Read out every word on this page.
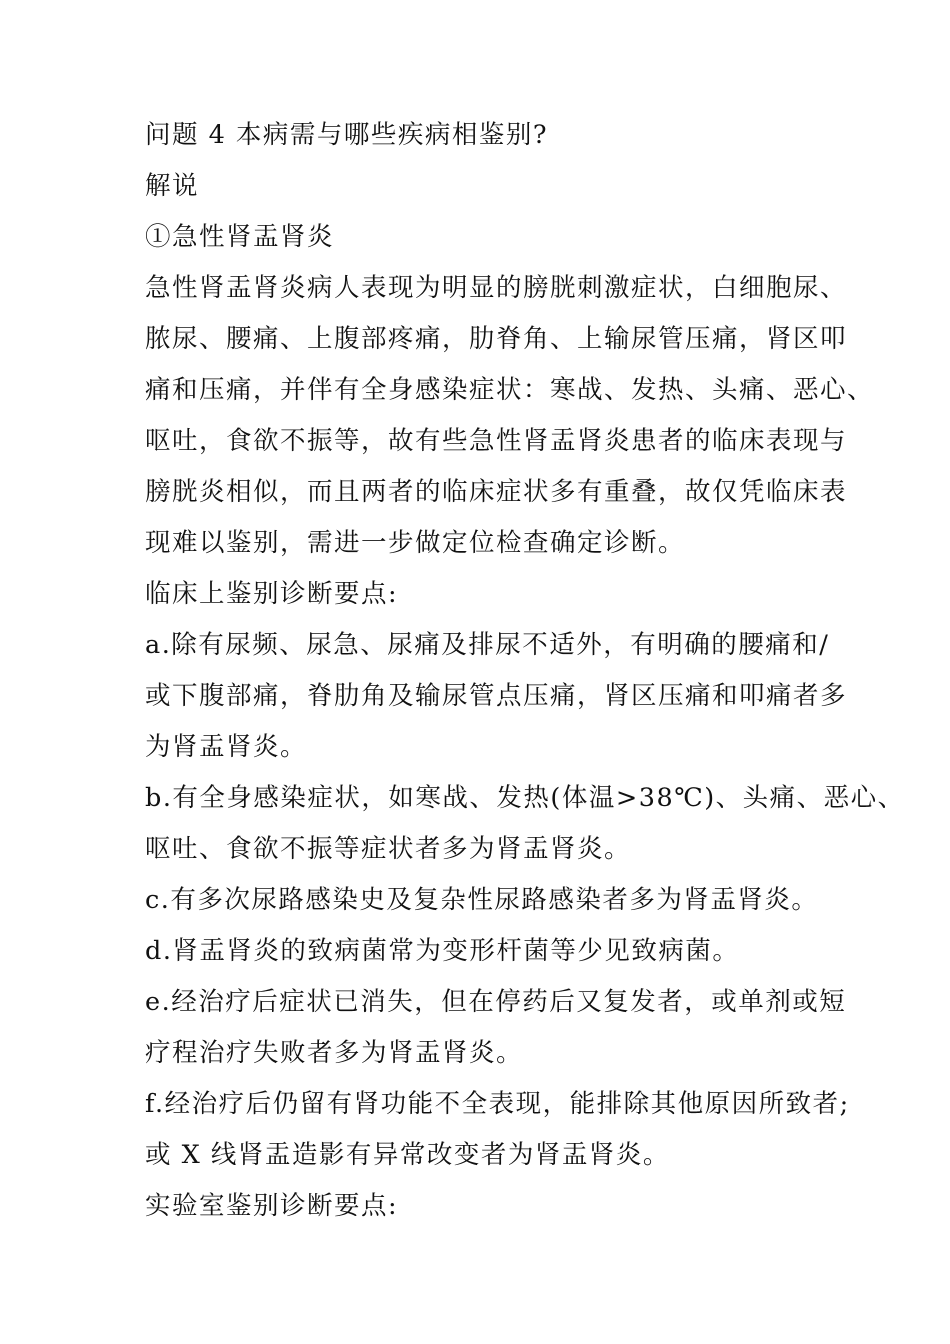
问题 4 本病需与哪些疾病相鉴别?
解说
①急性肾盂肾炎
急性肾盂肾炎病人表现为明显的膀胱刺激症状，白细胞尿、
脓尿、腰痛、上腹部疼痛，肋脊角、上输尿管压痛，肾区叩
痛和压痛，并伴有全身感染症状：寒战、发热、头痛、恶心、
呕吐，食欲不振等，故有些急性肾盂肾炎患者的临床表现与
膀胱炎相似，而且两者的临床症状多有重叠，故仅凭临床表
现难以鉴别，需进一步做定位检查确定诊断。
临床上鉴别诊断要点:
a.除有尿频、尿急、尿痛及排尿不适外，有明确的腰痛和/
或下腹部痛，脊肋角及输尿管点压痛，肾区压痛和叩痛者多
为肾盂肾炎。
b.有全身感染症状，如寒战、发热(体温>38℃)、头痛、恶心、
呕吐、食欲不振等症状者多为肾盂肾炎。
c.有多次尿路感染史及复杂性尿路感染者多为肾盂肾炎。
d.肾盂肾炎的致病菌常为变形杆菌等少见致病菌。
e.经治疗后症状已消失，但在停药后又复发者，或单剂或短
疗程治疗失败者多为肾盂肾炎。
f.经治疗后仍留有肾功能不全表现，能排除其他原因所致者;
或 X 线肾盂造影有异常改变者为肾盂肾炎。
实验室鉴别诊断要点:
